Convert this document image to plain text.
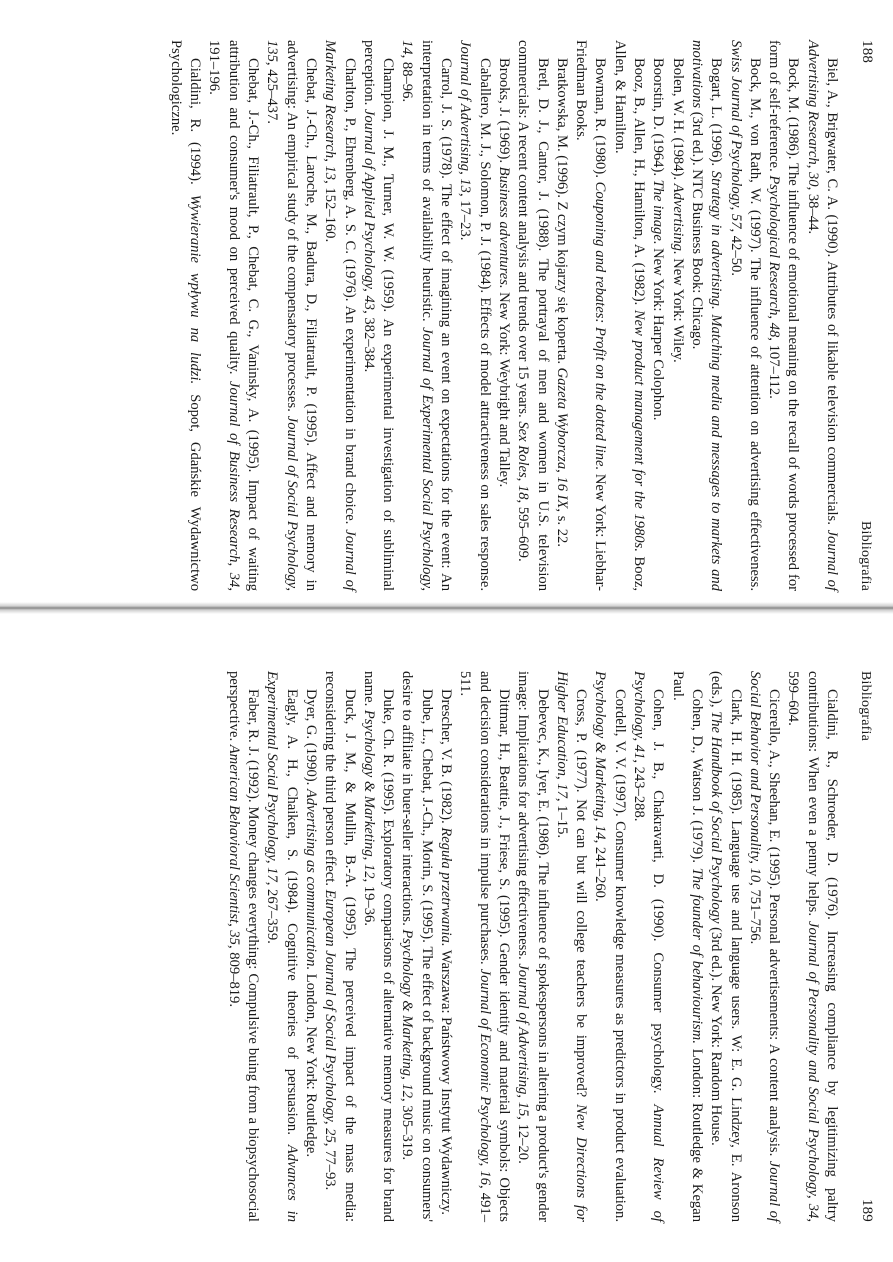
188
Bibliografia

Biel, A., Brigwater, C. A. (1990). Attributes of likable television commercials. Journal of Advertising Research, 30, 38–44.

Bock, M. (1986). The influence of emotional meaning on the recall of words processed for form of self-reference. Psychological Research, 48, 107–112.

Bock, M., von Rath, W. (1997). The influence of attention on advertising effectiveness. Swiss Journal of Psychology, 57, 42–50.

Bogart, L. (1996). Strategy in advertising. Matching media and messages to markets and motivations (3rd ed.). NTC Business Book: Chicago.

Bolen, W. H. (1984). Advertising. New York: Wiley.

Boorstin, D. (1964). The image. New York: Harper Colophon.

Booz, B., Allen, H., Hamilton, A. (1982). New product management for the 1980s. Booz, Allen, & Hamilton.

Bowman, R. (1980). Couponing and rebates: Profit on the dotted line. New York: Liebhar-Friedman Books.

Bratkowska, M. (1996). Z czym kojarzy się koperta. Gazeta Wyborcza, 16 IX, s. 22.

Bretl, D. J., Cantor, J. (1988). The portrayal of men and women in U.S. television commercials: A recent content analysis and trends over 15 years. Sex Roles, 18, 595–609.

Brooks, J. (1969). Business adventures. New York: Weybright and Talley.

Caballero, M. J., Solomon, P. J. (1984). Effects of model attractiveness on sales response. Journal of Advertising, 13, 17–23.

Carrol, J. S. (1978). The effect of imagining an event on expectations for the event: An interpretation in terms of availability heuristic. Journal of Experimental Social Psychology, 14, 88–96.

Champion, J. M., Turner, W. W. (1959). An experimental investigation of subliminal perception. Journal of Applied Psychology, 43, 382–384.

Charlton, P., Ehrenberg, A. S. C. (1976). An experimentation in brand choice. Journal of Marketing Research, 13, 152–160.

Chebat, J.-Ch., Laroche, M., Badura, D., Filiatrault, P. (1995). Affect and memory in advertising: An empirical study of the compensatory processes. Journal of Social Psychology, 135, 425–437.

Chebat, J.-Ch., Filiatrault, P., Chebat, C. G., Vaninsky, A. (1995). Impact of waiting attribution and consumer's mood on perceived quality. Journal of Business Research, 34, 191–196.

Cialdini, R. (1994). Wywieranie wpływu na ludzi. Sopot, Gdańskie Wydawnictwo Psychologiczne.

Bibliografia
189

Cialdini, R., Schroeder, D. (1976). Increasing compliance by legitimizing paltry contributions: When even a penny helps. Journal of Personality and Social Psychology, 34, 599–604.

Cicerello, A., Sheehan, E. (1995). Personal advertisements: A content analysis. Journal of Social Behavior and Personality, 10, 751–756.

Clark, H. H. (1985). Language use and language users. W: E. G. Lindzey, E. Aronson (eds.), The Handbook of Social Psychology (3rd ed.). New York: Random House.

Cohen, D., Watson J. (1979). The founder of behaviourism. London: Routledge & Kegan Paul.

Cohen, J. B., Chakravarti, D. (1990). Consumer psychology. Annual Review of Psychology, 41, 243–288.

Cordell, V. V. (1997). Consumer knowledge measures as predictors in product evaluation. Psychology & Marketing, 14, 241–260.

Cross, P. (1977). Not can but will college teachers be improved? New Directions for Higher Education, 17, 1–15.

Debevec, K., Iyer, E. (1986). The influence of spokespersons in altering a product's gender image: Implications for advertising effectiveness. Journal of Advertising, 15, 12–20.

Dittmar, H., Beattie, J., Friese, S. (1995). Gender identity and material symbols: Objects and decision considerations in impulse purchases. Journal of Economic Psychology, 16, 491–511.

Drescher, V. B. (1982). Reguła przetrwania. Warszawa: Państwowy Instytut Wydawniczy.

Dube, L., Chebat, J.-Ch., Morin, S. (1995). The effect of background music on consumers' desire to affiliate in buer-seller interactions. Psychology & Marketing, 12, 305–319.

Duke, Ch. R. (1995). Exploratory comparisons of alternative memory measures for brand name. Psychology & Marketing, 12, 19–36.

Duck, J. M., & Mullin, B.-A. (1995). The perceived impact of the mass media: reconsidering the third person effect. European Journal of Social Psychology, 25, 77–93.

Dyer, G. (1990). Advertising as communication. London, New York: Routledge.

Eagly, A. H., Chaiken, S. (1984). Cognitive theories of persuasion. Advances in Experimental Social Psychology, 17, 267–359.

Faber, R. J. (1992). Money changes everything: Compulsive buing from a biopsychosocial perspective. American Behavioral Scientist, 35, 809–819.
